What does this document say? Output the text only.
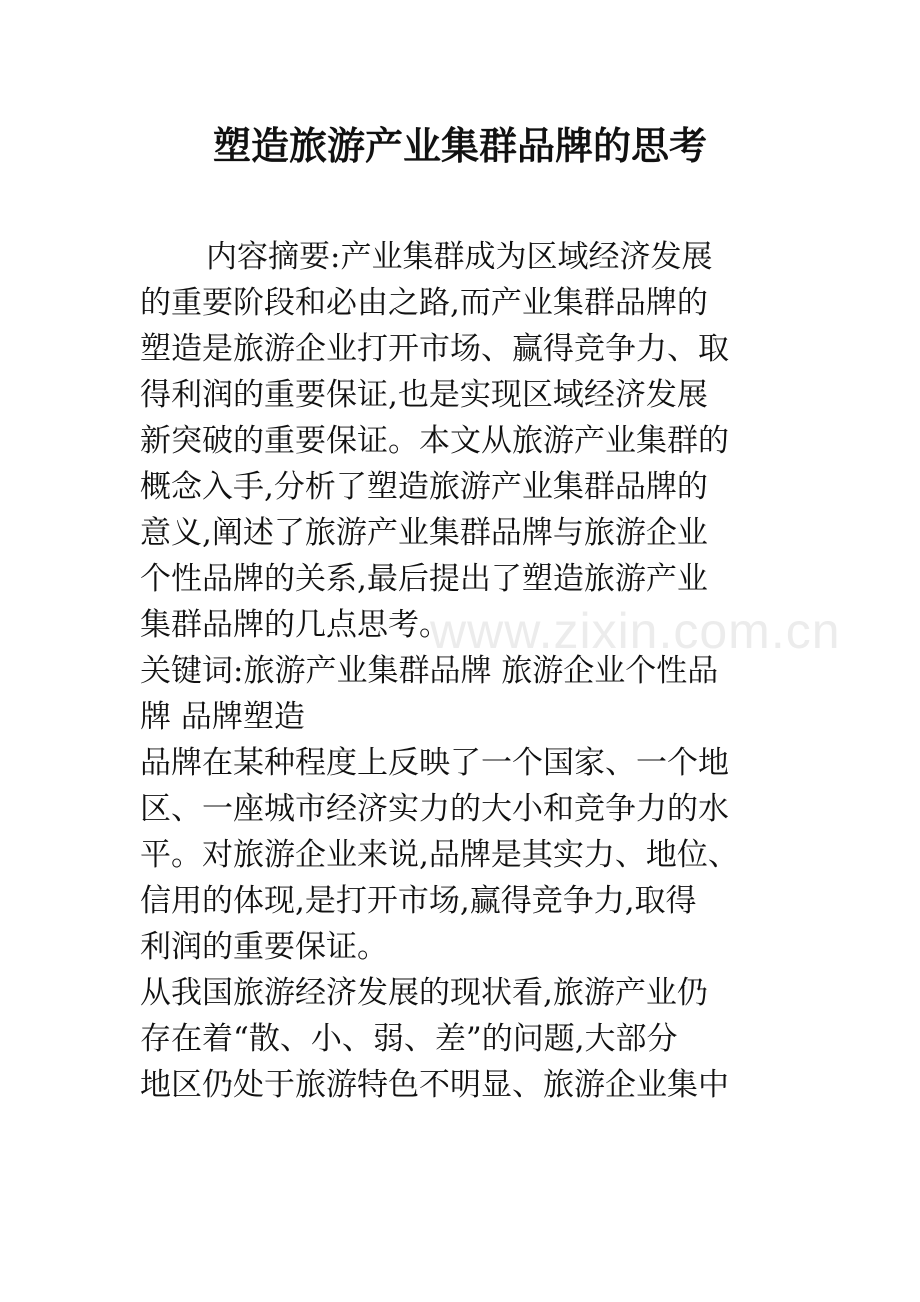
www.zixin.com.cn
塑造旅游产业集群品牌的思考
内容摘要:产业集群成为区域经济发展
的重要阶段和必由之路,而产业集群品牌的
塑造是旅游企业打开市场、赢得竞争力、取
得利润的重要保证,也是实现区域经济发展
新突破的重要保证。本文从旅游产业集群的
概念入手,分析了塑造旅游产业集群品牌的
意义,阐述了旅游产业集群品牌与旅游企业
个性品牌的关系,最后提出了塑造旅游产业
集群品牌的几点思考。
关键词:旅游产业集群品牌 旅游企业个性品
牌 品牌塑造
品牌在某种程度上反映了一个国家、一个地
区、一座城市经济实力的大小和竞争力的水
平。对旅游企业来说,品牌是其实力、地位、
信用的体现,是打开市场,赢得竞争力,取得
利润的重要保证。
从我国旅游经济发展的现状看,旅游产业仍
存在着“散、小、弱、差”的问题,大部分
地区仍处于旅游特色不明显、旅游企业集中
